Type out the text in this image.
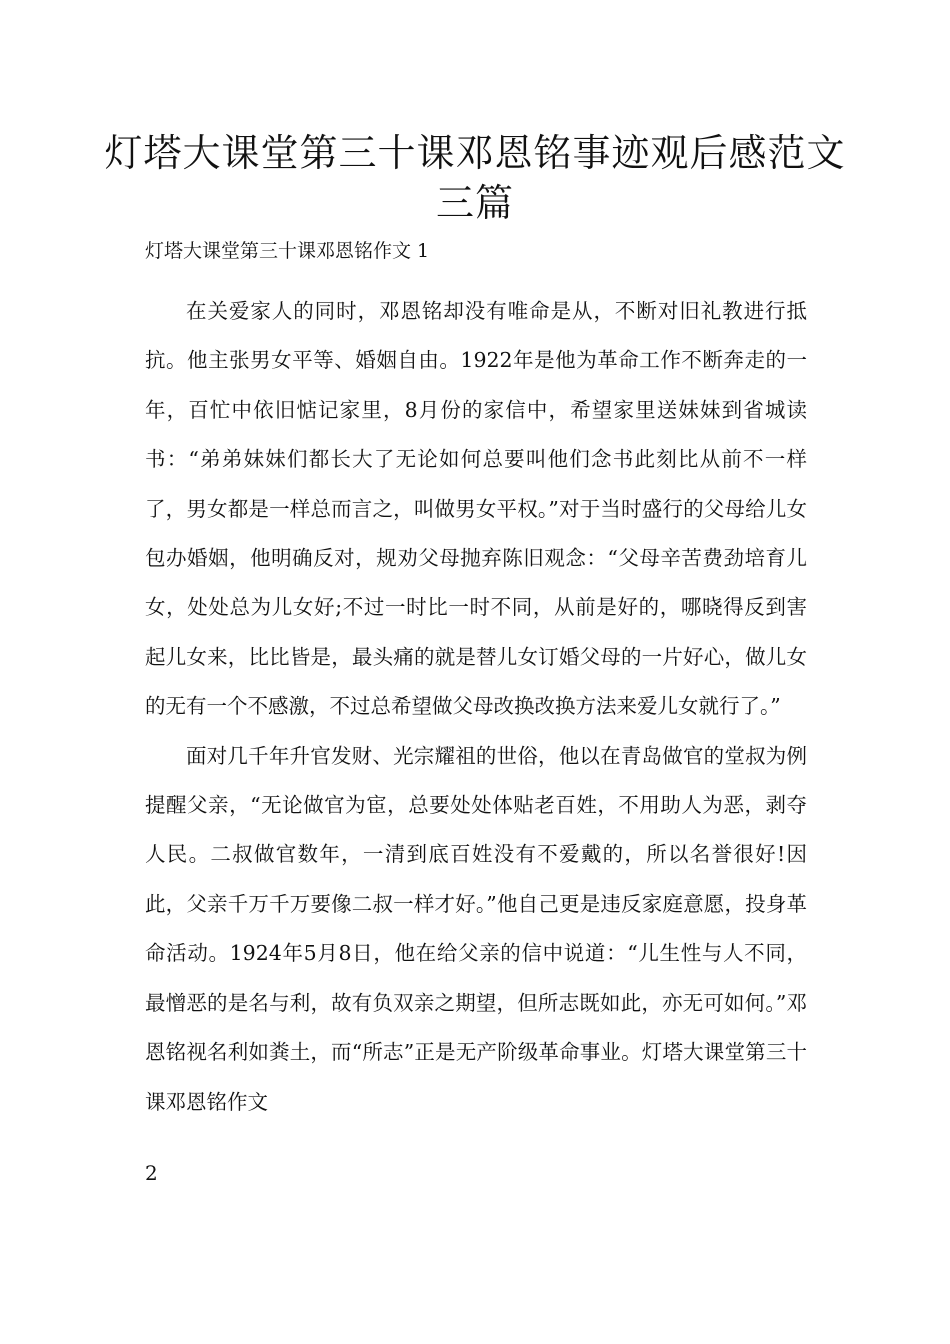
灯塔大课堂第三十课邓恩铭事迹观后感范文三篇

灯塔大课堂第三十课邓恩铭作文 1

在关爱家人的同时，邓恩铭却没有唯命是从，不断对旧礼教进行抵抗。他主张男女平等、婚姻自由。1922年是他为革命工作不断奔走的一年，百忙中依旧惦记家里，8月份的家信中，希望家里送妹妹到省城读书：“弟弟妹妹们都长大了无论如何总要叫他们念书此刻比从前不一样了，男女都是一样总而言之，叫做男女平权。”对于当时盛行的父母给儿女包办婚姻，他明确反对，规劝父母抛弃陈旧观念：“父母辛苦费劲培育儿女，处处总为儿女好;不过一时比一时不同，从前是好的，哪晓得反到害起儿女来，比比皆是，最头痛的就是替儿女订婚父母的一片好心，做儿女的无有一个不感激，不过总希望做父母改换改换方法来爱儿女就行了。”

面对几千年升官发财、光宗耀祖的世俗，他以在青岛做官的堂叔为例提醒父亲，“无论做官为宦，总要处处体贴老百姓，不用助人为恶，剥夺人民。二叔做官数年，一清到底百姓没有不爱戴的，所以名誉很好!因此，父亲千万千万要像二叔一样才好。”他自己更是违反家庭意愿，投身革命活动。1924年5月8日，他在给父亲的信中说道：“儿生性与人不同，最憎恶的是名与利，故有负双亲之期望，但所志既如此，亦无可如何。”邓恩铭视名利如粪土，而“所志”正是无产阶级革命事业。灯塔大课堂第三十课邓恩铭作文

2
